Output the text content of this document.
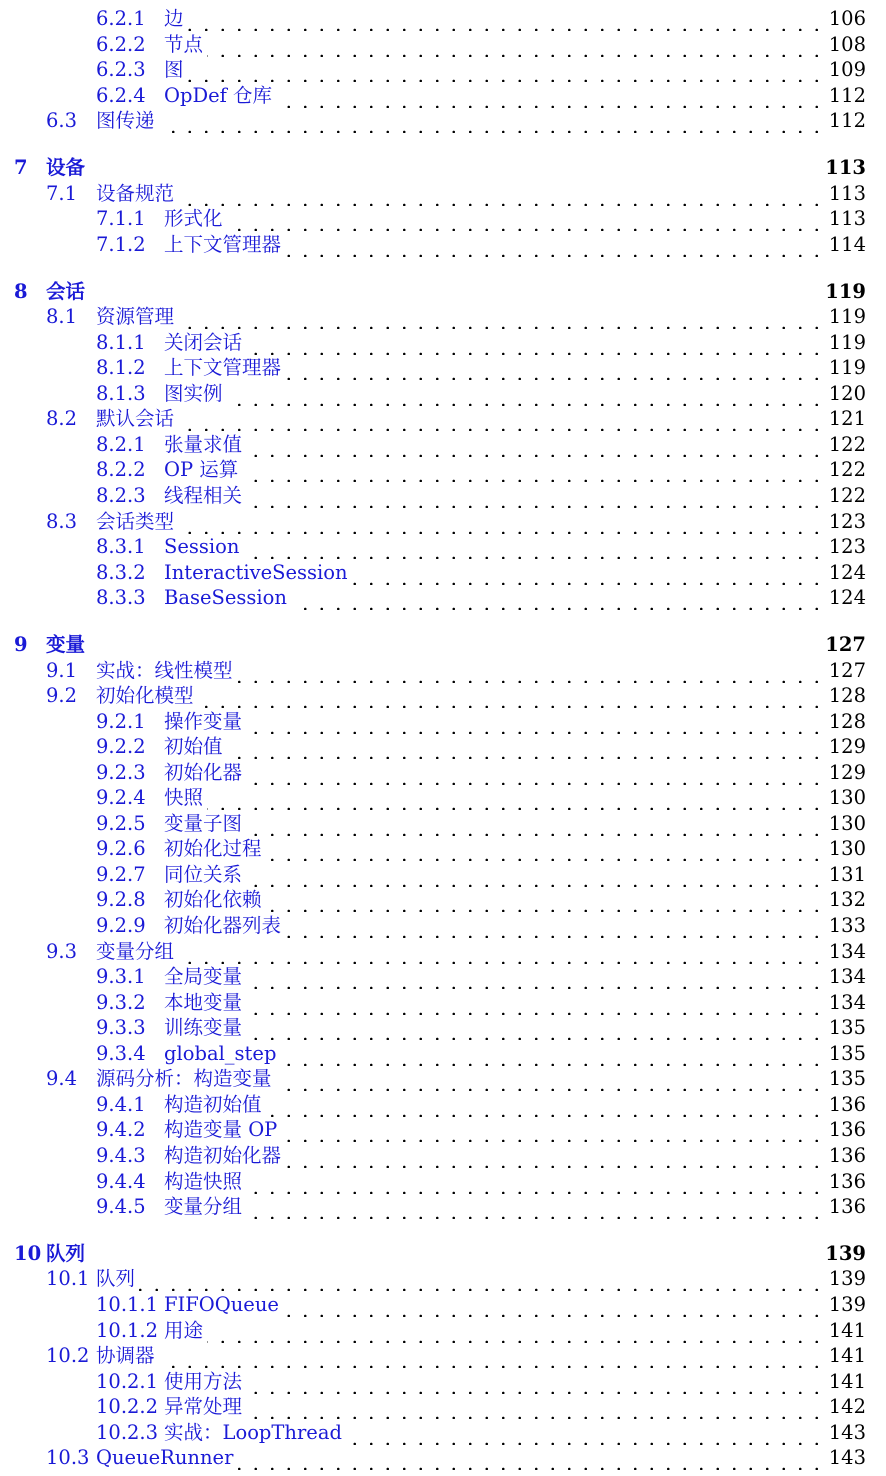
6.2.1 边	106
6.2.2 节点	108
6.2.3 图	109
6.2.4 OpDef 仓库	112
6.3 图传递	112
7 设备	113
7.1 设备规范	113
7.1.1 形式化	113
7.1.2 上下文管理器	114
8 会话	119
8.1 资源管理	119
8.1.1 关闭会话	119
8.1.2 上下文管理器	119
8.1.3 图实例	120
8.2 默认会话	121
8.2.1 张量求值	122
8.2.2 OP 运算	122
8.2.3 线程相关	122
8.3 会话类型	123
8.3.1 Session	123
8.3.2 InteractiveSession	124
8.3.3 BaseSession	124
9 变量	127
9.1 实战：线性模型	127
9.2 初始化模型	128
9.2.1 操作变量	128
9.2.2 初始值	129
9.2.3 初始化器	129
9.2.4 快照	130
9.2.5 变量子图	130
9.2.6 初始化过程	130
9.2.7 同位关系	131
9.2.8 初始化依赖	132
9.2.9 初始化器列表	133
9.3 变量分组	134
9.3.1 全局变量	134
9.3.2 本地变量	134
9.3.3 训练变量	135
9.3.4 global_step	135
9.4 源码分析：构造变量	135
9.4.1 构造初始值	136
9.4.2 构造变量 OP	136
9.4.3 构造初始化器	136
9.4.4 构造快照	136
9.4.5 变量分组	136
10 队列	139
10.1 队列	139
10.1.1 FIFOQueue	139
10.1.2 用途	141
10.2 协调器	141
10.2.1 使用方法	141
10.2.2 异常处理	142
10.2.3 实战：LoopThread	143
10.3 QueueRunner	143
